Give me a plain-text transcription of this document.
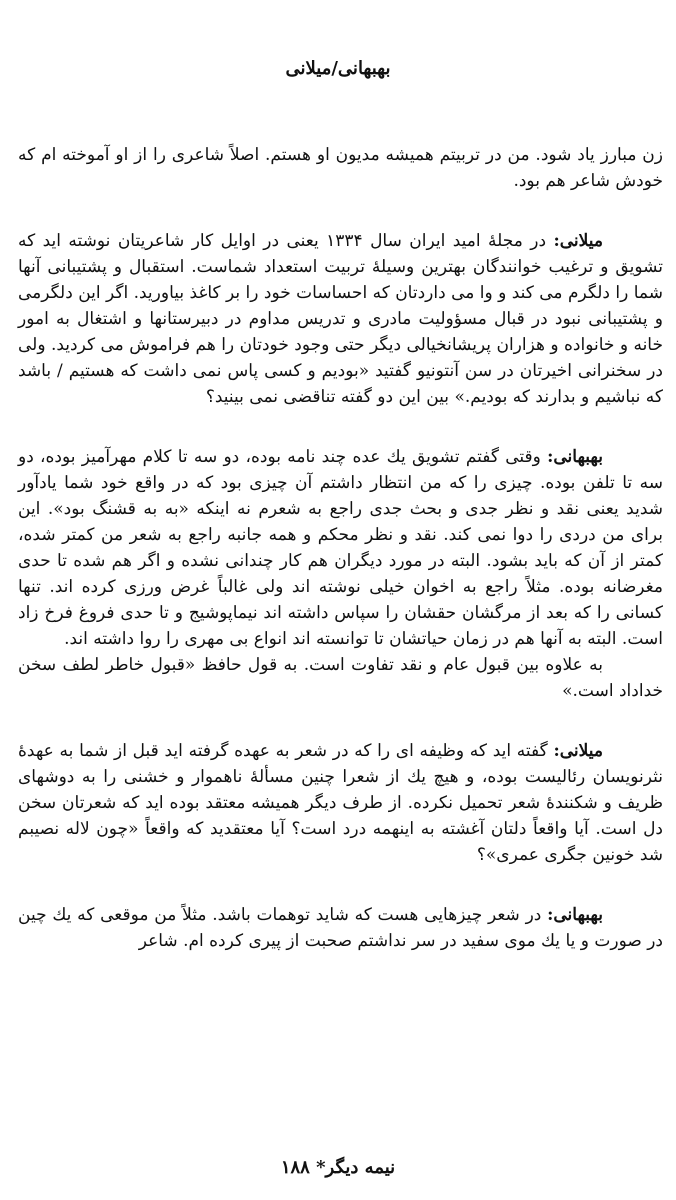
بهبهانی/میلانی

زن مبارز یاد شود. من در تربیتم همیشه مدیون او هستم. اصلاً شاعری را از او آموخته ام که خودش شاعر هم بود.

میلانی: در مجلهٔ امید ایران سال ۱۳۳۴ یعنی در اوایل کار شاعریتان نوشته اید که تشویق و ترغیب خوانندگان بهترین وسیلهٔ تربیت استعداد شماست. استقبال و پشتیبانی آنها شما را دلگرم می کند و وا می داردتان که احساسات خود را بر کاغذ بیاورید. اگر این دلگرمی و پشتیبانی نبود در قبال مسؤولیت مادری و تدریس مداوم در دبیرستانها و اشتغال به امور خانه و خانواده و هزاران پریشانخیالی دیگر حتی وجود خودتان را هم فراموش می کردید. ولی در سخنرانی اخیرتان در سن آنتونیو گفتید «بودیم و کسی پاس نمی داشت که هستیم / باشد که نباشیم و بدارند که بودیم.» بین این دو گفته تناقضی نمی بینید؟

بهبهانی: وقتی گفتم تشویق یك عده چند نامه بوده، دو سه تا کلام مهرآمیز بوده، دو سه تا تلفن بوده. چیزی را که من انتظار داشتم آن چیزی بود که در واقع خود شما یادآور شدید یعنی نقد و نظر جدی و بحث جدی راجع به شعرم نه اینکه «به به قشنگ بود». این برای من دردی را دوا نمی کند. نقد و نظر محکم و همه جانبه راجع به شعر من کمتر شده، کمتر از آن که باید بشود. البته در مورد دیگران هم کار چندانی نشده و اگر هم شده تا حدی مغرضانه بوده. مثلاً راجع به اخوان خیلی نوشته اند ولی غالباً غرض ورزی کرده اند. تنها کسانی را که بعد از مرگشان حقشان را سپاس داشته اند نیماپوشیج و تا حدی فروغ فرخ زاد است. البته به آنها هم در زمان حیاتشان تا توانسته اند انواع بی مهری را روا داشته اند.

به علاوه بین قبول عام و نقد تفاوت است. به قول حافظ «قبول خاطر لطف سخن خداداد است.»

میلانی: گفته اید که وظیفه ای را که در شعر به عهده گرفته اید قبل از شما به عهدهٔ نثرنویسان رئالیست بوده، و هیچ یك از شعرا چنین مسألهٔ ناهموار و خشنی را به دوشهای ظریف و شکنندهٔ شعر تحمیل نکرده. از طرف دیگر همیشه معتقد بوده اید که شعرتان سخن دل است. آیا واقعاً دلتان آغشته به اینهمه درد است؟ آیا معتقدید که واقعاً «چون لاله نصیبم شد خونین جگری عمری»؟

بهبهانی: در شعر چیزهایی هست که شاید توهمات باشد. مثلاً من موقعی که یك چین در صورت و یا یك موی سفید در سر نداشتم صحبت از پیری کرده ام. شاعر

نیمه دیگر* ۱۸۸
